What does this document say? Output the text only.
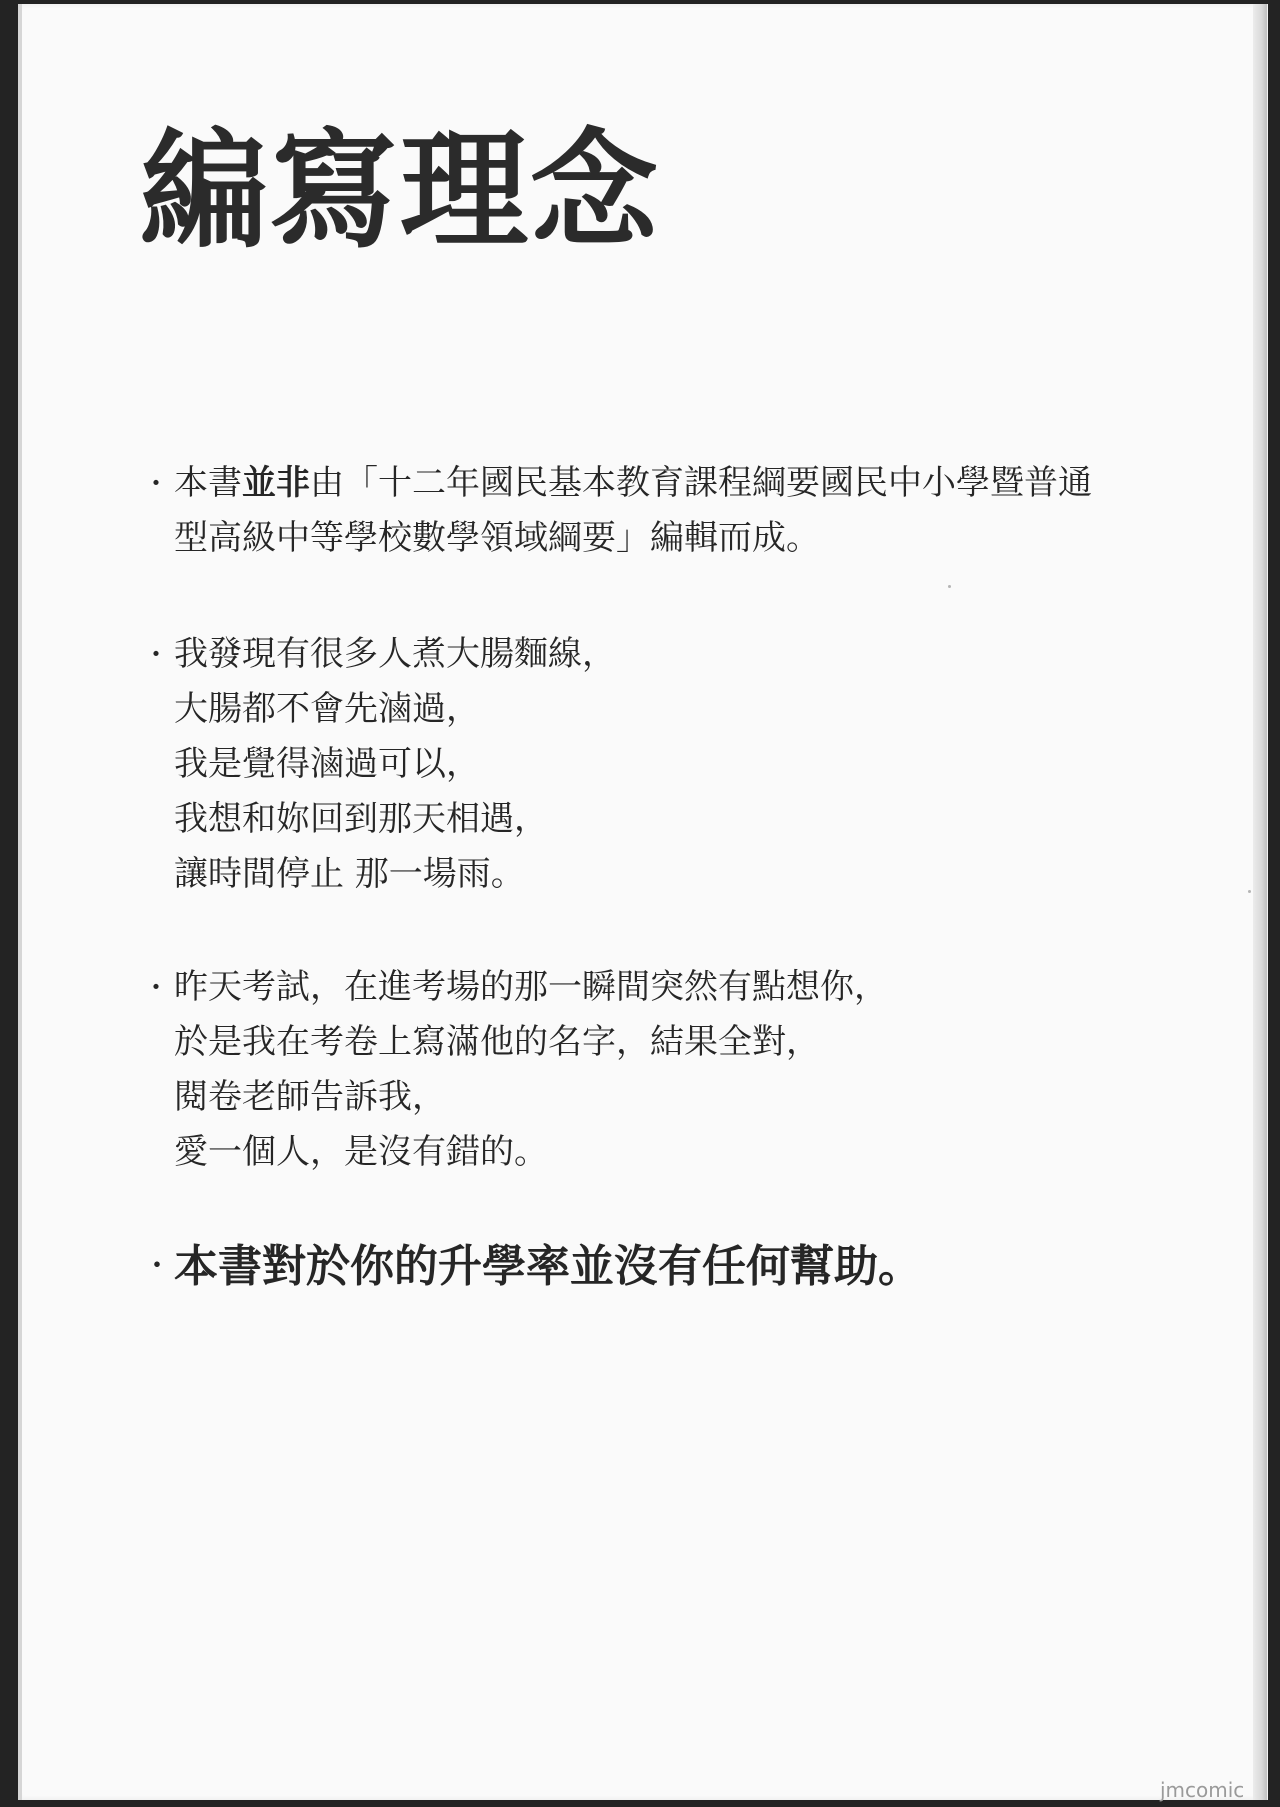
編寫理念
・ 本書並非由「十二年國民基本教育課程綱要國民中小學暨普通
型高級中等學校數學領域綱要」編輯而成。
・ 我發現有很多人煮大腸麵線，
大腸都不會先滷過，
我是覺得滷過可以，
我想和妳回到那天相遇，
讓時間停止 那一場雨。
・ 昨天考試，在進考場的那一瞬間突然有點想你，
於是我在考卷上寫滿他的名字，結果全對，
閱卷老師告訴我，
愛一個人，是沒有錯的。
・ 本書對於你的升學率並沒有任何幫助。
jmcomic
